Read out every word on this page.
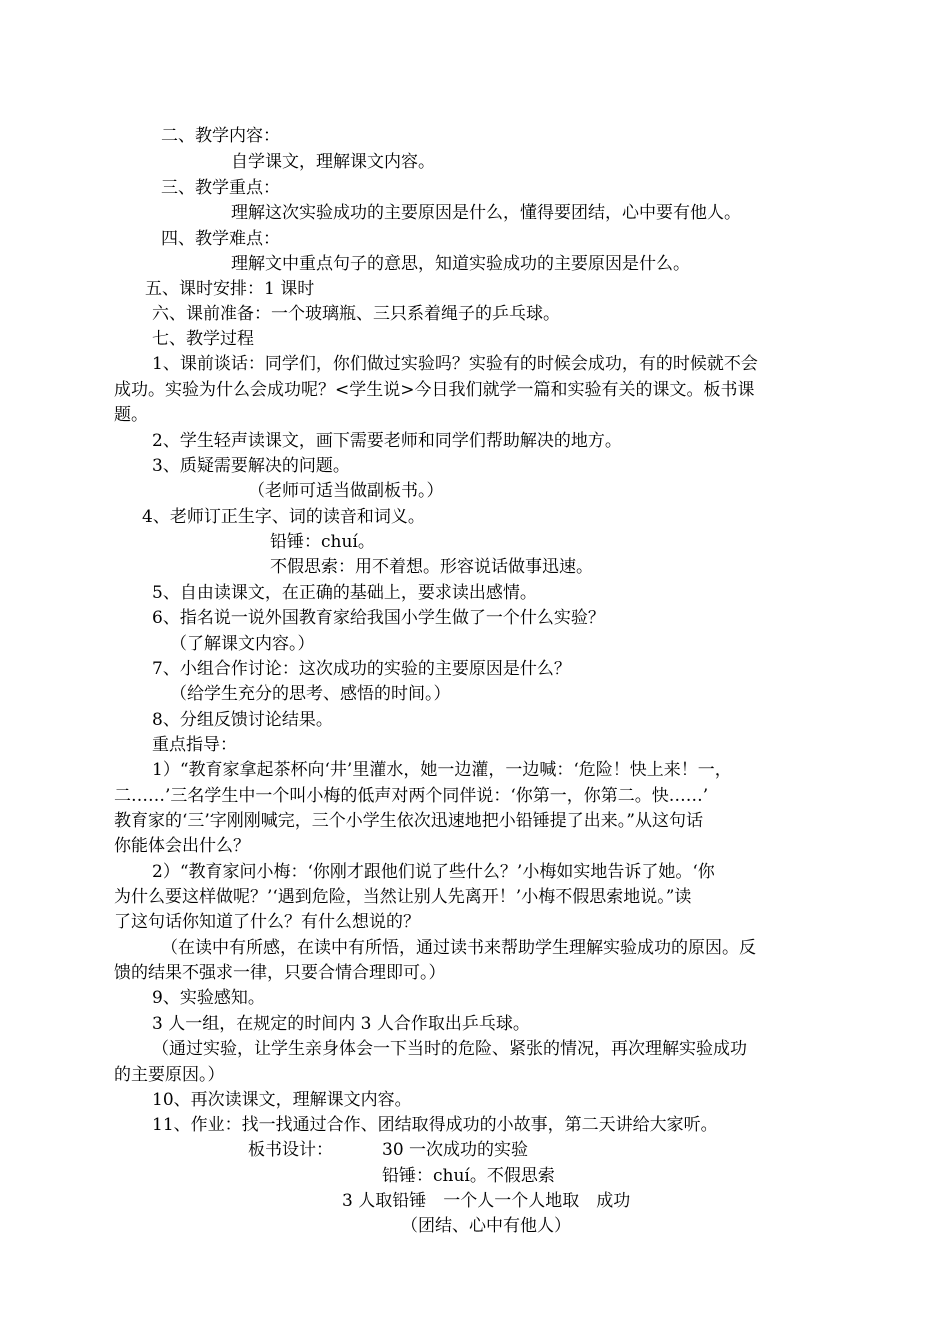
二、教学内容：

自学课文，理解课文内容。

三、教学重点：

理解这次实验成功的主要原因是什么，懂得要团结，心中要有他人。

四、教学难点：

理解文中重点句子的意思，知道实验成功的主要原因是什么。

五、课时安排：1 课时

六、课前准备：一个玻璃瓶、三只系着绳子的乒乓球。

七、教学过程

1、课前谈话：同学们，你们做过实验吗？实验有的时候会成功，有的时候就不会

成功。实验为什么会成功呢？<学生说>今日我们就学一篇和实验有关的课文。板书课

题。

2、学生轻声读课文，画下需要老师和同学们帮助解决的地方。

3、质疑需要解决的问题。

（老师可适当做副板书。）

4、老师订正生字、词的读音和词义。

铅锤：chuí。

不假思索：用不着想。形容说话做事迅速。

5、自由读课文，在正确的基础上，要求读出感情。

6、指名说一说外国教育家给我国小学生做了一个什么实验？

（了解课文内容。）

7、小组合作讨论：这次成功的实验的主要原因是什么？

（给学生充分的思考、感悟的时间。）

8、分组反馈讨论结果。

重点指导：

1）“教育家拿起茶杯向‘井’里灌水，她一边灌，一边喊：‘危险！快上来！一，

二……’三名学生中一个叫小梅的低声对两个同伴说：‘你第一，你第二。快……’

教育家的‘三’字刚刚喊完，三个小学生依次迅速地把小铅锤提了出来。”从这句话

你能体会出什么？

2）“教育家问小梅：‘你刚才跟他们说了些什么？’小梅如实地告诉了她。‘你

为什么要这样做呢？’‘遇到危险，当然让别人先离开！’小梅不假思索地说。”读

了这句话你知道了什么？有什么想说的？

（在读中有所感，在读中有所悟，通过读书来帮助学生理解实验成功的原因。反

馈的结果不强求一律，只要合情合理即可。）

9、实验感知。

3 人一组，在规定的时间内 3 人合作取出乒乓球。

（通过实验，让学生亲身体会一下当时的危险、紧张的情况，再次理解实验成功

的主要原因。）

10、再次读课文，理解课文内容。

11、作业：找一找通过合作、团结取得成功的小故事，第二天讲给大家听。

板书设计：	30 一次成功的实验

铅锤：chuí。不假思索

3 人取铅锤　一个人一个人地取　成功

（团结、心中有他人）
